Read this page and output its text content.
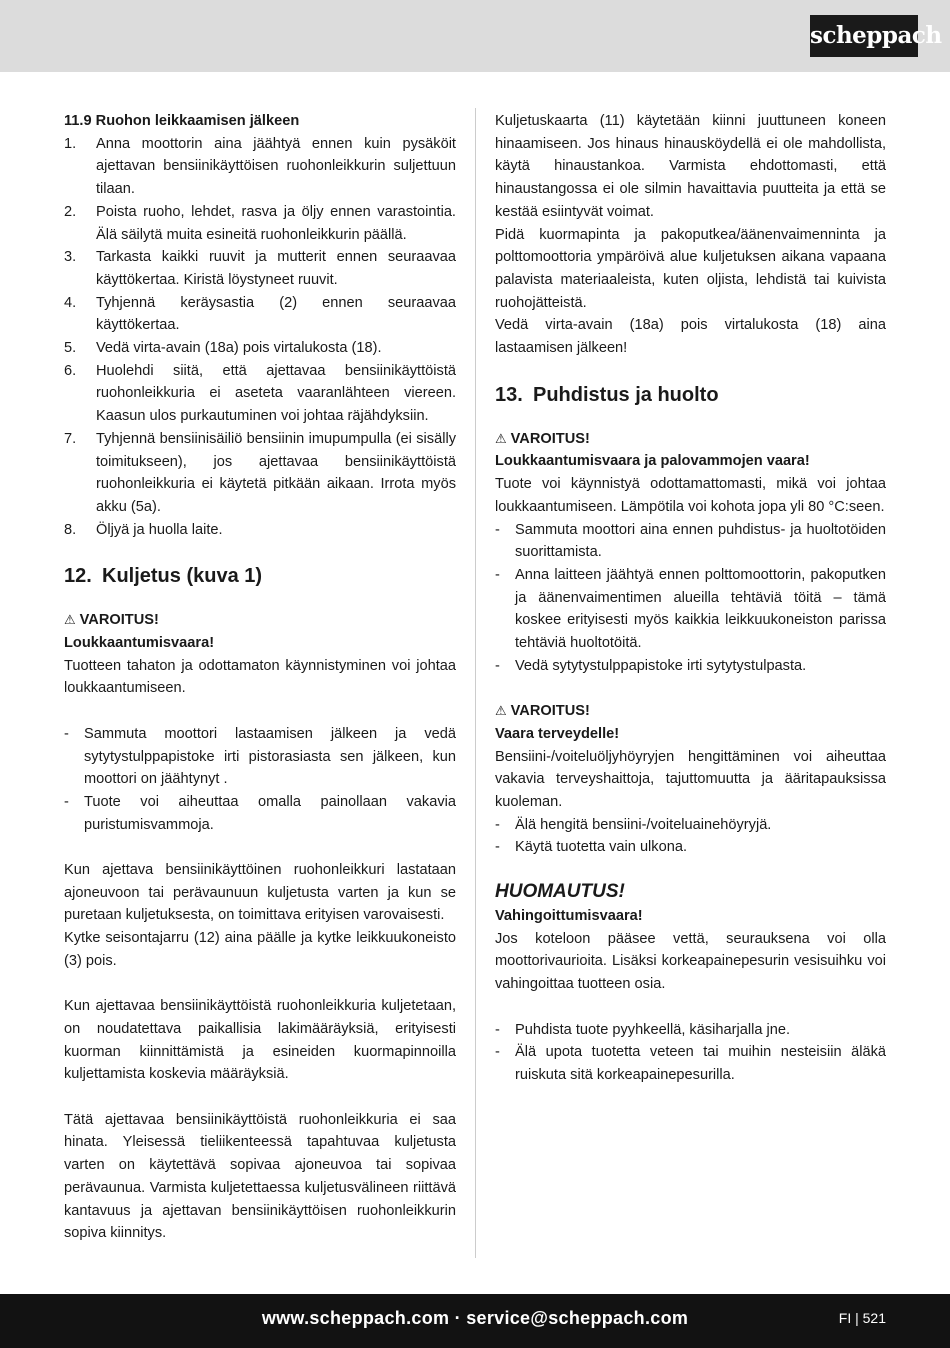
scheppach

11.9 Ruohon leikkaamisen jälkeen

1.	Anna moottorin aina jäähtyä ennen kuin pysäköit ajettavan bensiinikäyttöisen ruohonleikkurin suljettuun tilaan.
2.	Poista ruoho, lehdet, rasva ja öljy ennen varastointia. Älä säilytä muita esineitä ruohonleikkurin päällä.
3.	Tarkasta kaikki ruuvit ja mutterit ennen seuraavaa käyttökertaa. Kiristä löystyneet ruuvit.
4.	Tyhjennä keräysastia (2) ennen seuraavaa käyttökertaa.
5.	Vedä virta-avain (18a) pois virtalukosta (18).
6.	Huolehdi siitä, että ajettavaa bensiinikäyttöistä ruohonleikkuria ei aseteta vaaranlähteen viereen. Kaasun ulos purkautuminen voi johtaa räjähdyksiin.
7.	Tyhjennä bensiinisäiliö bensiinin imupumpulla (ei sisälly toimitukseen), jos ajettavaa bensiinikäyttöistä ruohonleikkuria ei käytetä pitkään aikaan. Irrota myös akku (5a).
8.	Öljyä ja huolla laite.
12. Kuljetus (kuva 1)

⚠ VAROITUS!

Loukkaantumisvaara!

Tuotteen tahaton ja odottamaton käynnistyminen voi johtaa loukkaantumiseen.

-	Sammuta moottori lastaamisen jälkeen ja vedä sytytystulppapistoke irti pistorasiasta sen jälkeen, kun moottori on jäähtynyt .
-	Tuote voi aiheuttaa omalla painollaan vakavia puristumisvammoja.

Kun ajettava bensiinikäyttöinen ruohonleikkuri lastataan ajoneuvoon tai perävaunuun kuljetusta varten ja kun se puretaan kuljetuksesta, on toimittava erityisen varovaisesti.

Kytke seisontajarru (12) aina päälle ja kytke leikkuukoneisto (3) pois.

Kun ajettavaa bensiinikäyttöistä ruohonleikkuria kuljetetaan, on noudatettava paikallisia lakimääräyksiä, erityisesti kuorman kiinnittämistä ja esineiden kuormapinnoilla kuljettamista koskevia määräyksiä.

Tätä ajettavaa bensiinikäyttöistä ruohonleikkuria ei saa hinata. Yleisessä tieliikenteessä tapahtuvaa kuljetusta varten on käytettävä sopivaa ajoneuvoa tai sopivaa perävaunua. Varmista kuljetettaessa kuljetusvälineen riittävä kantavuus ja ajettavan bensiinikäyttöisen ruohonleikkurin sopiva kiinnitys.

Kuljetuskaarta (11) käytetään kiinni juuttuneen koneen hinaamiseen. Jos hinaus hinausköydellä ei ole mahdollista, käytä hinaustankoa. Varmista ehdottomasti, että hinaustangossa ei ole silmin havaittavia puutteita ja että se kestää esiintyvät voimat.

Pidä kuormapinta ja pakoputkea/äänenvaimenninta ja polttomoottoria ympäröivä alue kuljetuksen aikana vapaana palavista materiaaleista, kuten oljista, lehdistä tai kuivista ruohojätteistä.

Vedä virta-avain (18a) pois virtalukosta (18) aina lastaamisen jälkeen!

13. Puhdistus ja huolto

⚠ VAROITUS!

Loukkaantumisvaara ja palovammojen vaara!

Tuote voi käynnistyä odottamattomasti, mikä voi johtaa loukkaantumiseen. Lämpötila voi kohota jopa yli 80 °C:seen.

-	Sammuta moottori aina ennen puhdistus- ja huoltotöiden suorittamista.
-	Anna laitteen jäähtyä ennen polttomoottorin, pakoputken ja äänenvaimentimen alueilla tehtäviä töitä – tämä koskee erityisesti myös kaikkia leikkuukoneiston parissa tehtäviä huoltotöitä.
-	Vedä sytytystulppapistoke irti sytytystulpasta.

⚠ VAROITUS!

Vaara terveydelle!

Bensiini-/voiteluöljyhöyryjen hengittäminen voi aiheuttaa vakavia terveyshaittoja, tajuttomuutta ja ääritapauksissa kuoleman.

-	Älä hengitä bensiini-/voiteluainehöyryjä.
-	Käytä tuotetta vain ulkona.

HUOMAUTUS!

Vahingoittumisvaara!

Jos koteloon pääsee vettä, seurauksena voi olla moottorivaurioita. Lisäksi korkeapainepesurin vesisuihku voi vahingoittaa tuotteen osia.

-	Puhdista tuote pyyhkeellä, käsiharjalla jne.
-	Älä upota tuotetta veteen tai muihin nesteisiin äläkä ruiskuta sitä korkeapainepesurilla.
www.scheppach.com · service@scheppach.com	FI | 521
